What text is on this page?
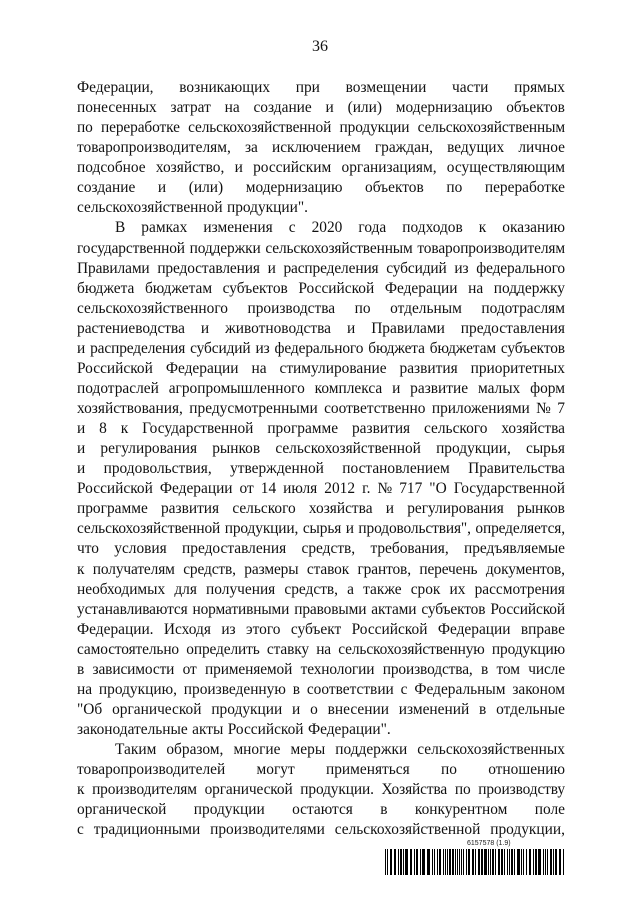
36
Федерации, возникающих при возмещении части прямых
понесенных затрат на создание и (или) модернизацию объектов
по переработке сельскохозяйственной продукции сельскохозяйственным
товаропроизводителям, за исключением граждан, ведущих личное
подсобное хозяйство, и российским организациям, осуществляющим
создание и (или) модернизацию объектов по переработке
сельскохозяйственной продукции".
В рамках изменения с 2020 года подходов к оказанию
государственной поддержки сельскохозяйственным товаропроизводителям
Правилами предоставления и распределения субсидий из федерального
бюджета бюджетам субъектов Российской Федерации на поддержку
сельскохозяйственного производства по отдельным подотраслям
растениеводства и животноводства и Правилами предоставления
и распределения субсидий из федерального бюджета бюджетам субъектов
Российской Федерации на стимулирование развития приоритетных
подотраслей агропромышленного комплекса и развитие малых форм
хозяйствования, предусмотренными соответственно приложениями № 7
и 8 к Государственной программе развития сельского хозяйства
и регулирования рынков сельскохозяйственной продукции, сырья
и продовольствия, утвержденной постановлением Правительства
Российской Федерации от 14 июля 2012 г. № 717 "О Государственной
программе развития сельского хозяйства и регулирования рынков
сельскохозяйственной продукции, сырья и продовольствия", определяется,
что условия предоставления средств, требования, предъявляемые
к получателям средств, размеры ставок грантов, перечень документов,
необходимых для получения средств, а также срок их рассмотрения
устанавливаются нормативными правовыми актами субъектов Российской
Федерации. Исходя из этого субъект Российской Федерации вправе
самостоятельно определить ставку на сельскохозяйственную продукцию
в зависимости от применяемой технологии производства, в том числе
на продукцию, произведенную в соответствии с Федеральным законом
"Об органической продукции и о внесении изменений в отдельные
законодательные акты Российской Федерации".
Таким образом, многие меры поддержки сельскохозяйственных
товаропроизводителей могут применяться по отношению
к производителям органической продукции. Хозяйства по производству
органической продукции остаются в конкурентном поле
с традиционными производителями сельскохозяйственной продукции,
6157578 (1.9)
